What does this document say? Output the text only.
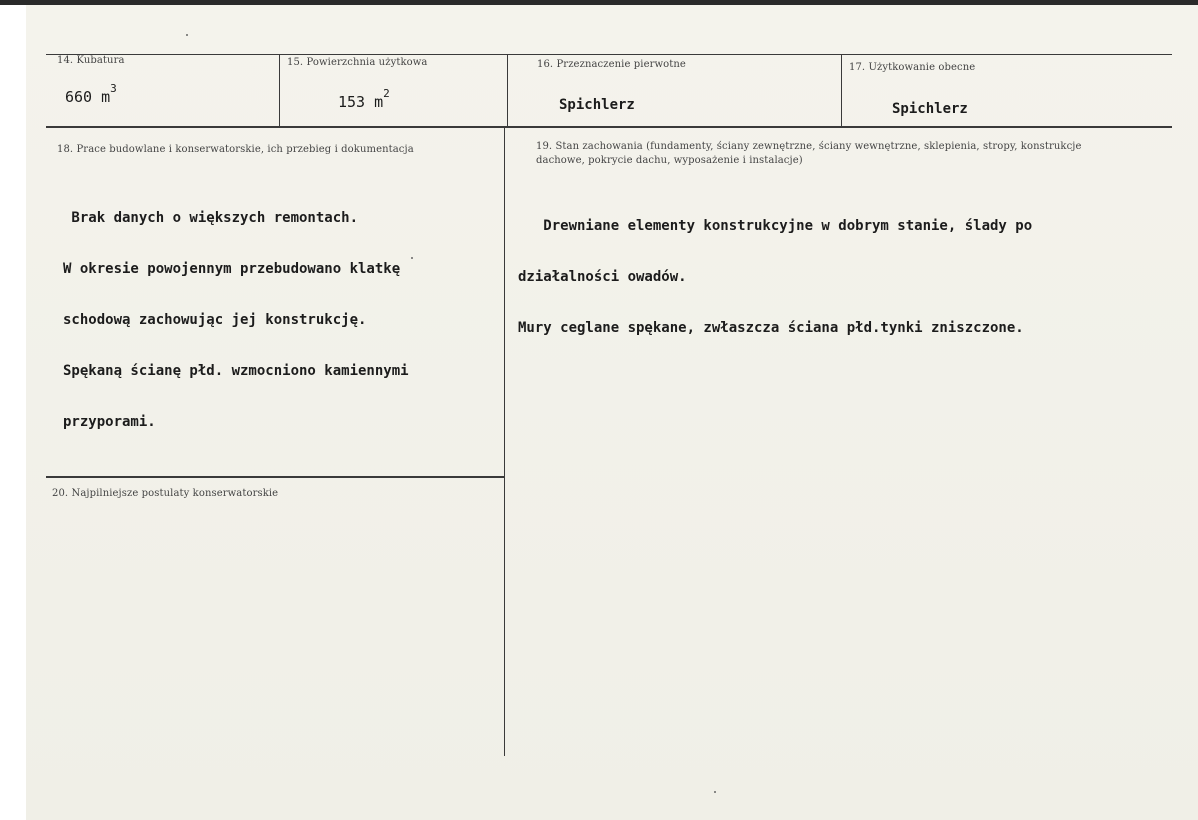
14. Kubatura
660 $m^3$
15. Powierzchnia użytkowa
153 $m^2$
16. Przeznaczenie pierwotne
Spichlerz
17. Użytkowanie obecne
Spichlerz
18. Prace budowlane i konserwatorskie, ich przebieg i dokumentacja

Brak danych o większych remontach.

W okresie powojennym przebudowano klatkę

schodową zachowując jej konstrukcję.

Spękaną ścianę płd. wzmocniono kamiennymi

przyporami.

19. Stan zachowania (fundamenty, ściany zewnętrzne, ściany wewnętrzne, sklepienia, stropy, konstrukcje dachowe, pokrycie dachu, wyposażenie i instalacje)

Drewniane elementy konstrukcyjne w dobrym stanie, ślady po

działalności owadów.

Mury ceglane spękane, zwłaszcza ściana płd.tynki zniszczone.

20. Najpilniejsze postulaty konserwatorskie
